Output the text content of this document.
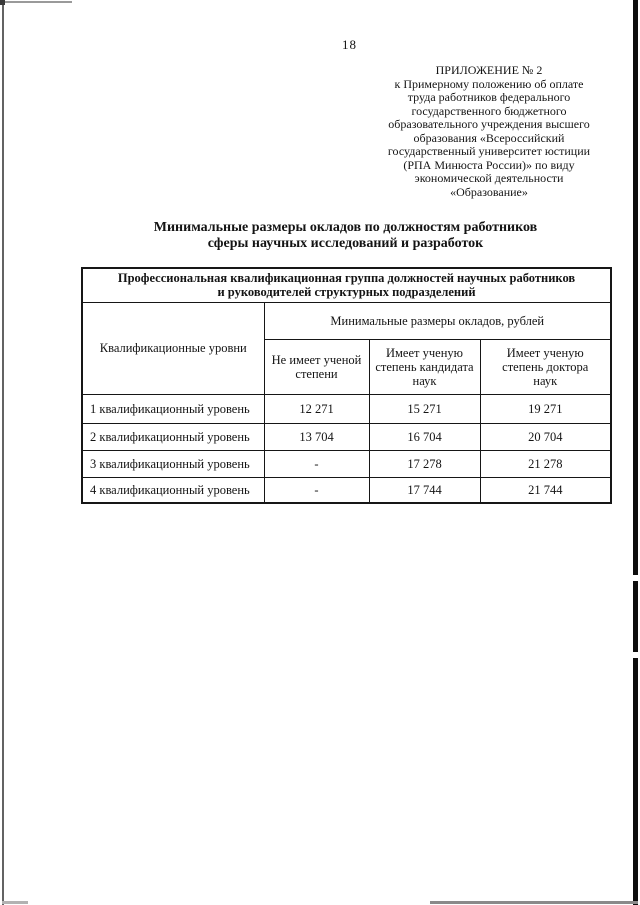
18
ПРИЛОЖЕНИЕ № 2
к Примерному положению об оплате
труда работников федерального
государственного бюджетного
образовательного учреждения высшего
образования «Всероссийский
государственный университет юстиции
(РПА Минюста России)» по виду
экономической деятельности
«Образование»
Минимальные размеры окладов по должностям работников
сферы научных исследований и разработок
Профессиональная квалификационная группа должностей научных работников
и руководителей структурных подразделений			

Квалификационные уровни	Минимальные размеры окладов, рублей		

Не имеет ученой
степени

Имеет ученую
степень кандидата
наук

Имеет ученую
степень доктора
наук

1 квалификационный уровень	12 271	15 271	19 271
2 квалификационный уровень	13 704	16 704	20 704
3 квалификационный уровень	-	17 278	21 278
4 квалификационный уровень	-	17 744	21 744
